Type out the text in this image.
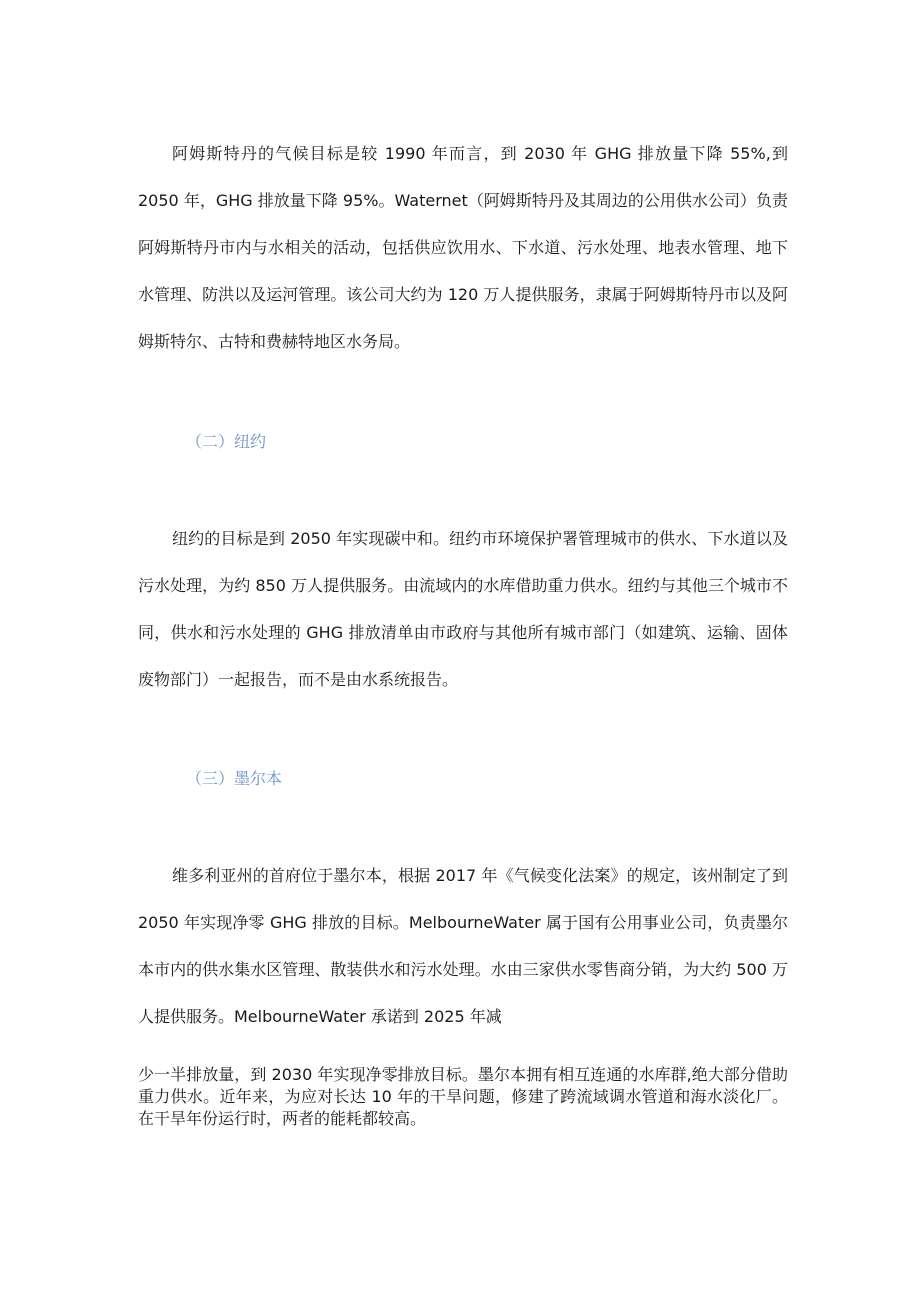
阿姆斯特丹的气候目标是较 1990 年而言，到 2030 年 GHG 排放量下降 55%,到 2050 年，GHG 排放量下降 95%。Waternet（阿姆斯特丹及其周边的公用供水公司）负责阿姆斯特丹市内与水相关的活动，包括供应饮用水、下水道、污水处理、地表水管理、地下水管理、防洪以及运河管理。该公司大约为 120 万人提供服务，隶属于阿姆斯特丹市以及阿姆斯特尔、古特和费赫特地区水务局。

（二）纽约

纽约的目标是到 2050 年实现碳中和。纽约市环境保护署管理城市的供水、下水道以及污水处理，为约 850 万人提供服务。由流域内的水库借助重力供水。纽约与其他三个城市不同，供水和污水处理的 GHG 排放清单由市政府与其他所有城市部门（如建筑、运输、固体废物部门）一起报告，而不是由水系统报告。

（三）墨尔本

维多利亚州的首府位于墨尔本，根据 2017 年《气候变化法案》的规定，该州制定了到 2050 年实现净零 GHG 排放的目标。MelbourneWater 属于国有公用事业公司，负责墨尔本市内的供水集水区管理、散装供水和污水处理。水由三家供水零售商分销，为大约 500 万人提供服务。MelbourneWater 承诺到 2025 年减

少一半排放量，到 2030 年实现净零排放目标。墨尔本拥有相互连通的水库群,绝大部分借助重力供水。近年来，为应对长达 10 年的干旱问题，修建了跨流域调水管道和海水淡化厂。在干旱年份运行时，两者的能耗都较高。
